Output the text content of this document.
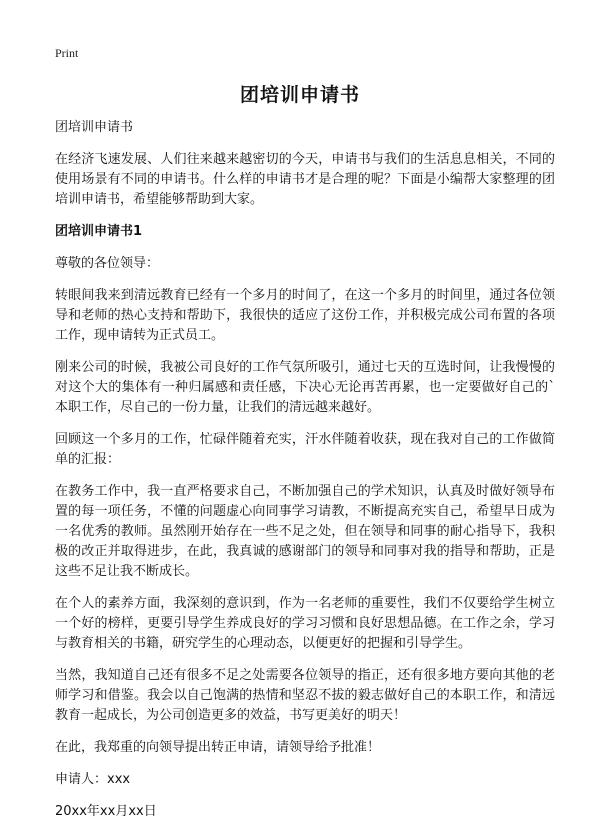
Print
团培训申请书

团培训申请书

在经济飞速发展、人们往来越来越密切的今天，申请书与我们的生活息息相关，不同的使用场景有不同的申请书。什么样的申请书才是合理的呢？下面是小编帮大家整理的团培训申请书，希望能够帮助到大家。

团培训申请书1

尊敬的各位领导：

转眼间我来到清远教育已经有一个多月的时间了，在这一个多月的时间里，通过各位领导和老师的热心支持和帮助下，我很快的适应了这份工作，并积极完成公司布置的各项工作，现申请转为正式员工。

刚来公司的时候，我被公司良好的工作气氛所吸引，通过七天的互选时间，让我慢慢的对这个大的集体有一种归属感和责任感，下决心无论再苦再累，也一定要做好自己的`本职工作，尽自己的一份力量，让我们的清远越来越好。

回顾这一个多月的工作，忙碌伴随着充实，汗水伴随着收获，现在我对自己的工作做简单的汇报：

在教务工作中，我一直严格要求自己，不断加强自己的学术知识，认真及时做好领导布置的每一项任务，不懂的问题虚心向同事学习请教，不断提高充实自己，希望早日成为一名优秀的教师。虽然刚开始存在一些不足之处，但在领导和同事的耐心指导下，我积极的改正并取得进步，在此，我真诚的感谢部门的领导和同事对我的指导和帮助，正是这些不足让我不断成长。

在个人的素养方面，我深刻的意识到，作为一名老师的重要性，我们不仅要给学生树立一个好的榜样，更要引导学生养成良好的学习习惯和良好思想品德。在工作之余，学习与教育相关的书籍，研究学生的心理动态，以便更好的把握和引导学生。

当然，我知道自己还有很多不足之处需要各位领导的指正，还有很多地方要向其他的老师学习和借鉴。我会以自己饱满的热情和坚忍不拔的毅志做好自己的本职工作，和清远教育一起成长，为公司创造更多的效益，书写更美好的明天！

在此，我郑重的向领导提出转正申请，请领导给予批准！

申请人：xxx

20xx年xx月xx日
